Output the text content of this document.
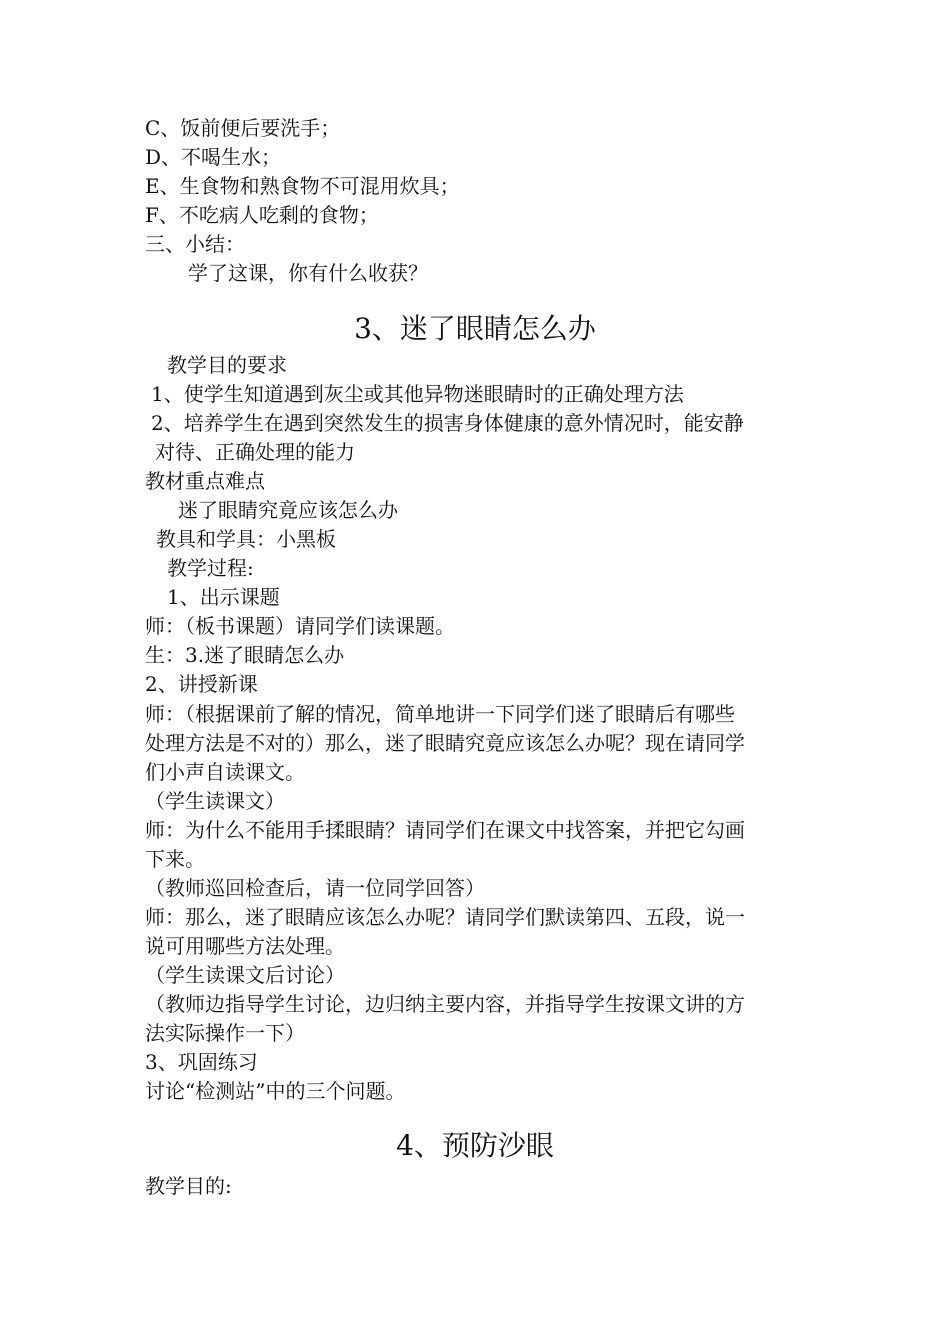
C、饭前便后要洗手；
D、不喝生水；
E、生食物和熟食物不可混用炊具；
F、不吃病人吃剩的食物；
三、小结：
学了这课，你有什么收获？
3、迷了眼睛怎么办
教学目的要求
1、使学生知道遇到灰尘或其他异物迷眼睛时的正确处理方法
2、培养学生在遇到突然发生的损害身体健康的意外情况时，能安静
对待、正确处理的能力
教材重点难点
迷了眼睛究竟应该怎么办
教具和学具：小黑板
教学过程:
1、出示课题
师：（板书课题）请同学们读课题。
生：3.迷了眼睛怎么办
2、讲授新课
师：（根据课前了解的情况，简单地讲一下同学们迷了眼睛后有哪些
处理方法是不对的）那么，迷了眼睛究竟应该怎么办呢？现在请同学
们小声自读课文。
（学生读课文）
师：为什么不能用手揉眼睛？请同学们在课文中找答案，并把它勾画
下来。
（教师巡回检查后，请一位同学回答）
师：那么，迷了眼睛应该怎么办呢？请同学们默读第四、五段，说一
说可用哪些方法处理。
（学生读课文后讨论）
（教师边指导学生讨论，边归纳主要内容，并指导学生按课文讲的方
法实际操作一下）
3、巩固练习
讨论“检测站”中的三个问题。
4、预防沙眼
教学目的:
